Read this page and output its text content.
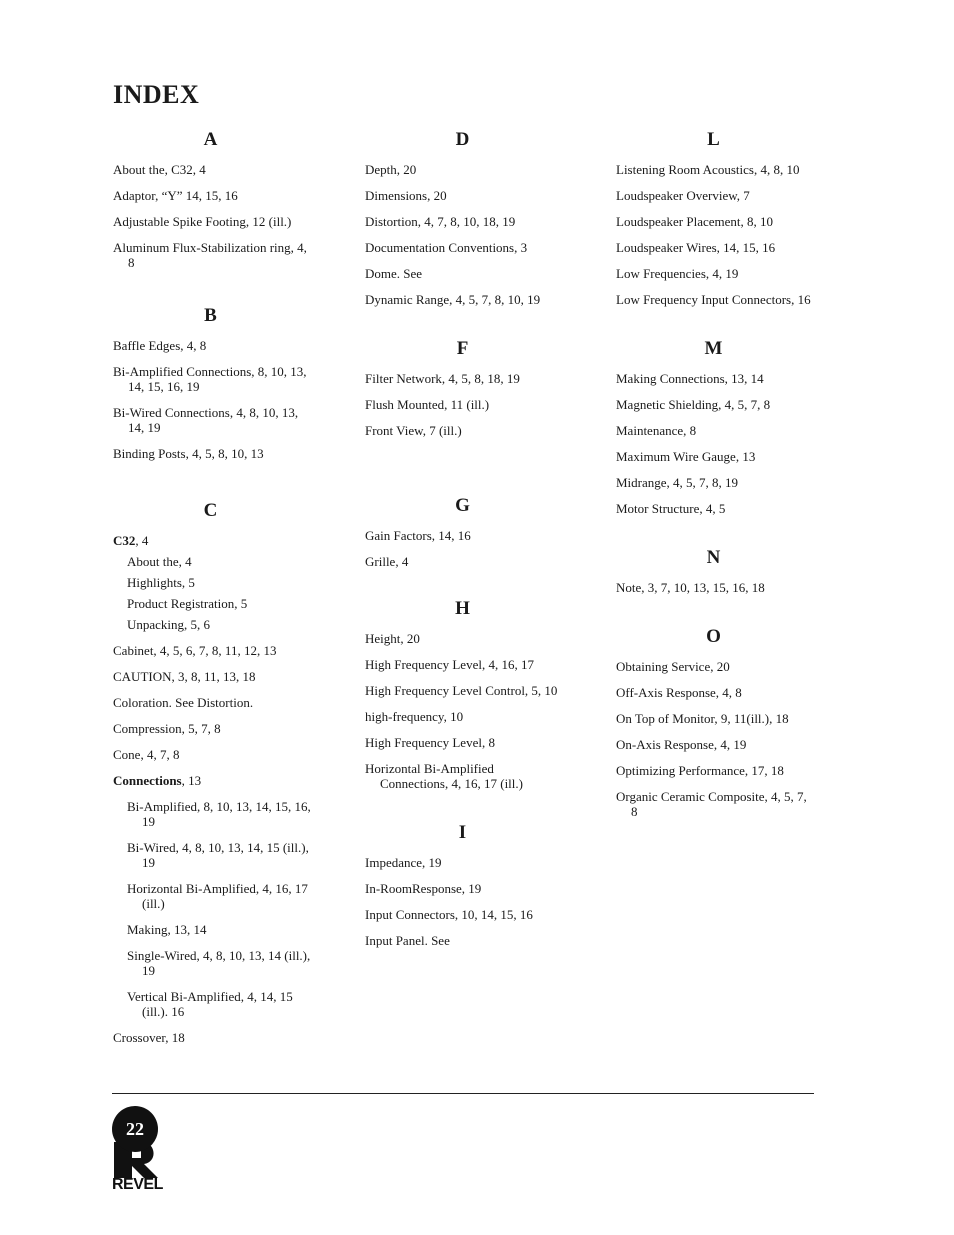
INDEX
A
About the, C32, 4
Adaptor, “Y” 14, 15, 16
Adjustable Spike Footing, 12 (ill.)
Aluminum Flux-Stabilization ring, 4, 8
B
Baffle Edges, 4, 8
Bi-Amplified Connections, 8, 10, 13, 14, 15, 16, 19
Bi-Wired Connections, 4, 8, 10, 13, 14, 19
Binding Posts, 4, 5, 8, 10, 13
C
C32, 4
About the, 4
Highlights, 5
Product Registration, 5
Unpacking, 5, 6
Cabinet, 4, 5, 6, 7, 8, 11, 12, 13
CAUTION, 3, 8, 11, 13, 18
Coloration. See Distortion.
Compression, 5, 7, 8
Cone, 4, 7, 8
Connections, 13
Bi-Amplified, 8, 10, 13, 14, 15, 16, 19
Bi-Wired, 4, 8, 10, 13, 14, 15 (ill.), 19
Horizontal Bi-Amplified, 4, 16, 17 (ill.)
Making, 13, 14
Single-Wired, 4, 8, 10, 13, 14 (ill.), 19
Vertical Bi-Amplified, 4, 14, 15 (ill.). 16
Crossover, 18
D
Depth, 20
Dimensions, 20
Distortion, 4, 7, 8, 10, 18, 19
Documentation Conventions, 3
Dome. See
Dynamic Range, 4, 5, 7, 8, 10, 19
F
Filter Network, 4, 5, 8, 18, 19
Flush Mounted, 11 (ill.)
Front View, 7 (ill.)
G
Gain Factors, 14, 16
Grille, 4
H
Height, 20
High Frequency Level, 4, 16, 17
High Frequency Level Control, 5, 10
high-frequency, 10
High Frequency Level, 8
Horizontal Bi-Amplified Connections, 4, 16, 17 (ill.)
I
Impedance, 19
In-RoomResponse, 19
Input Connectors, 10, 14, 15, 16
Input Panel. See
L
Listening Room Acoustics, 4, 8, 10
Loudspeaker Overview, 7
Loudspeaker Placement, 8, 10
Loudspeaker Wires, 14, 15, 16
Low Frequencies, 4, 19
Low Frequency Input Connectors, 16
M
Making Connections, 13, 14
Magnetic Shielding, 4, 5, 7, 8
Maintenance, 8
Maximum Wire Gauge, 13
Midrange, 4, 5, 7, 8, 19
Motor Structure, 4, 5
N
Note, 3, 7, 10, 13, 15, 16, 18
O
Obtaining Service, 20
Off-Axis Response, 4, 8
On Top of Monitor, 9, 11(ill.), 18
On-Axis Response, 4, 19
Optimizing Performance, 17, 18
Organic Ceramic Composite, 4, 5, 7, 8
22
REVEL
